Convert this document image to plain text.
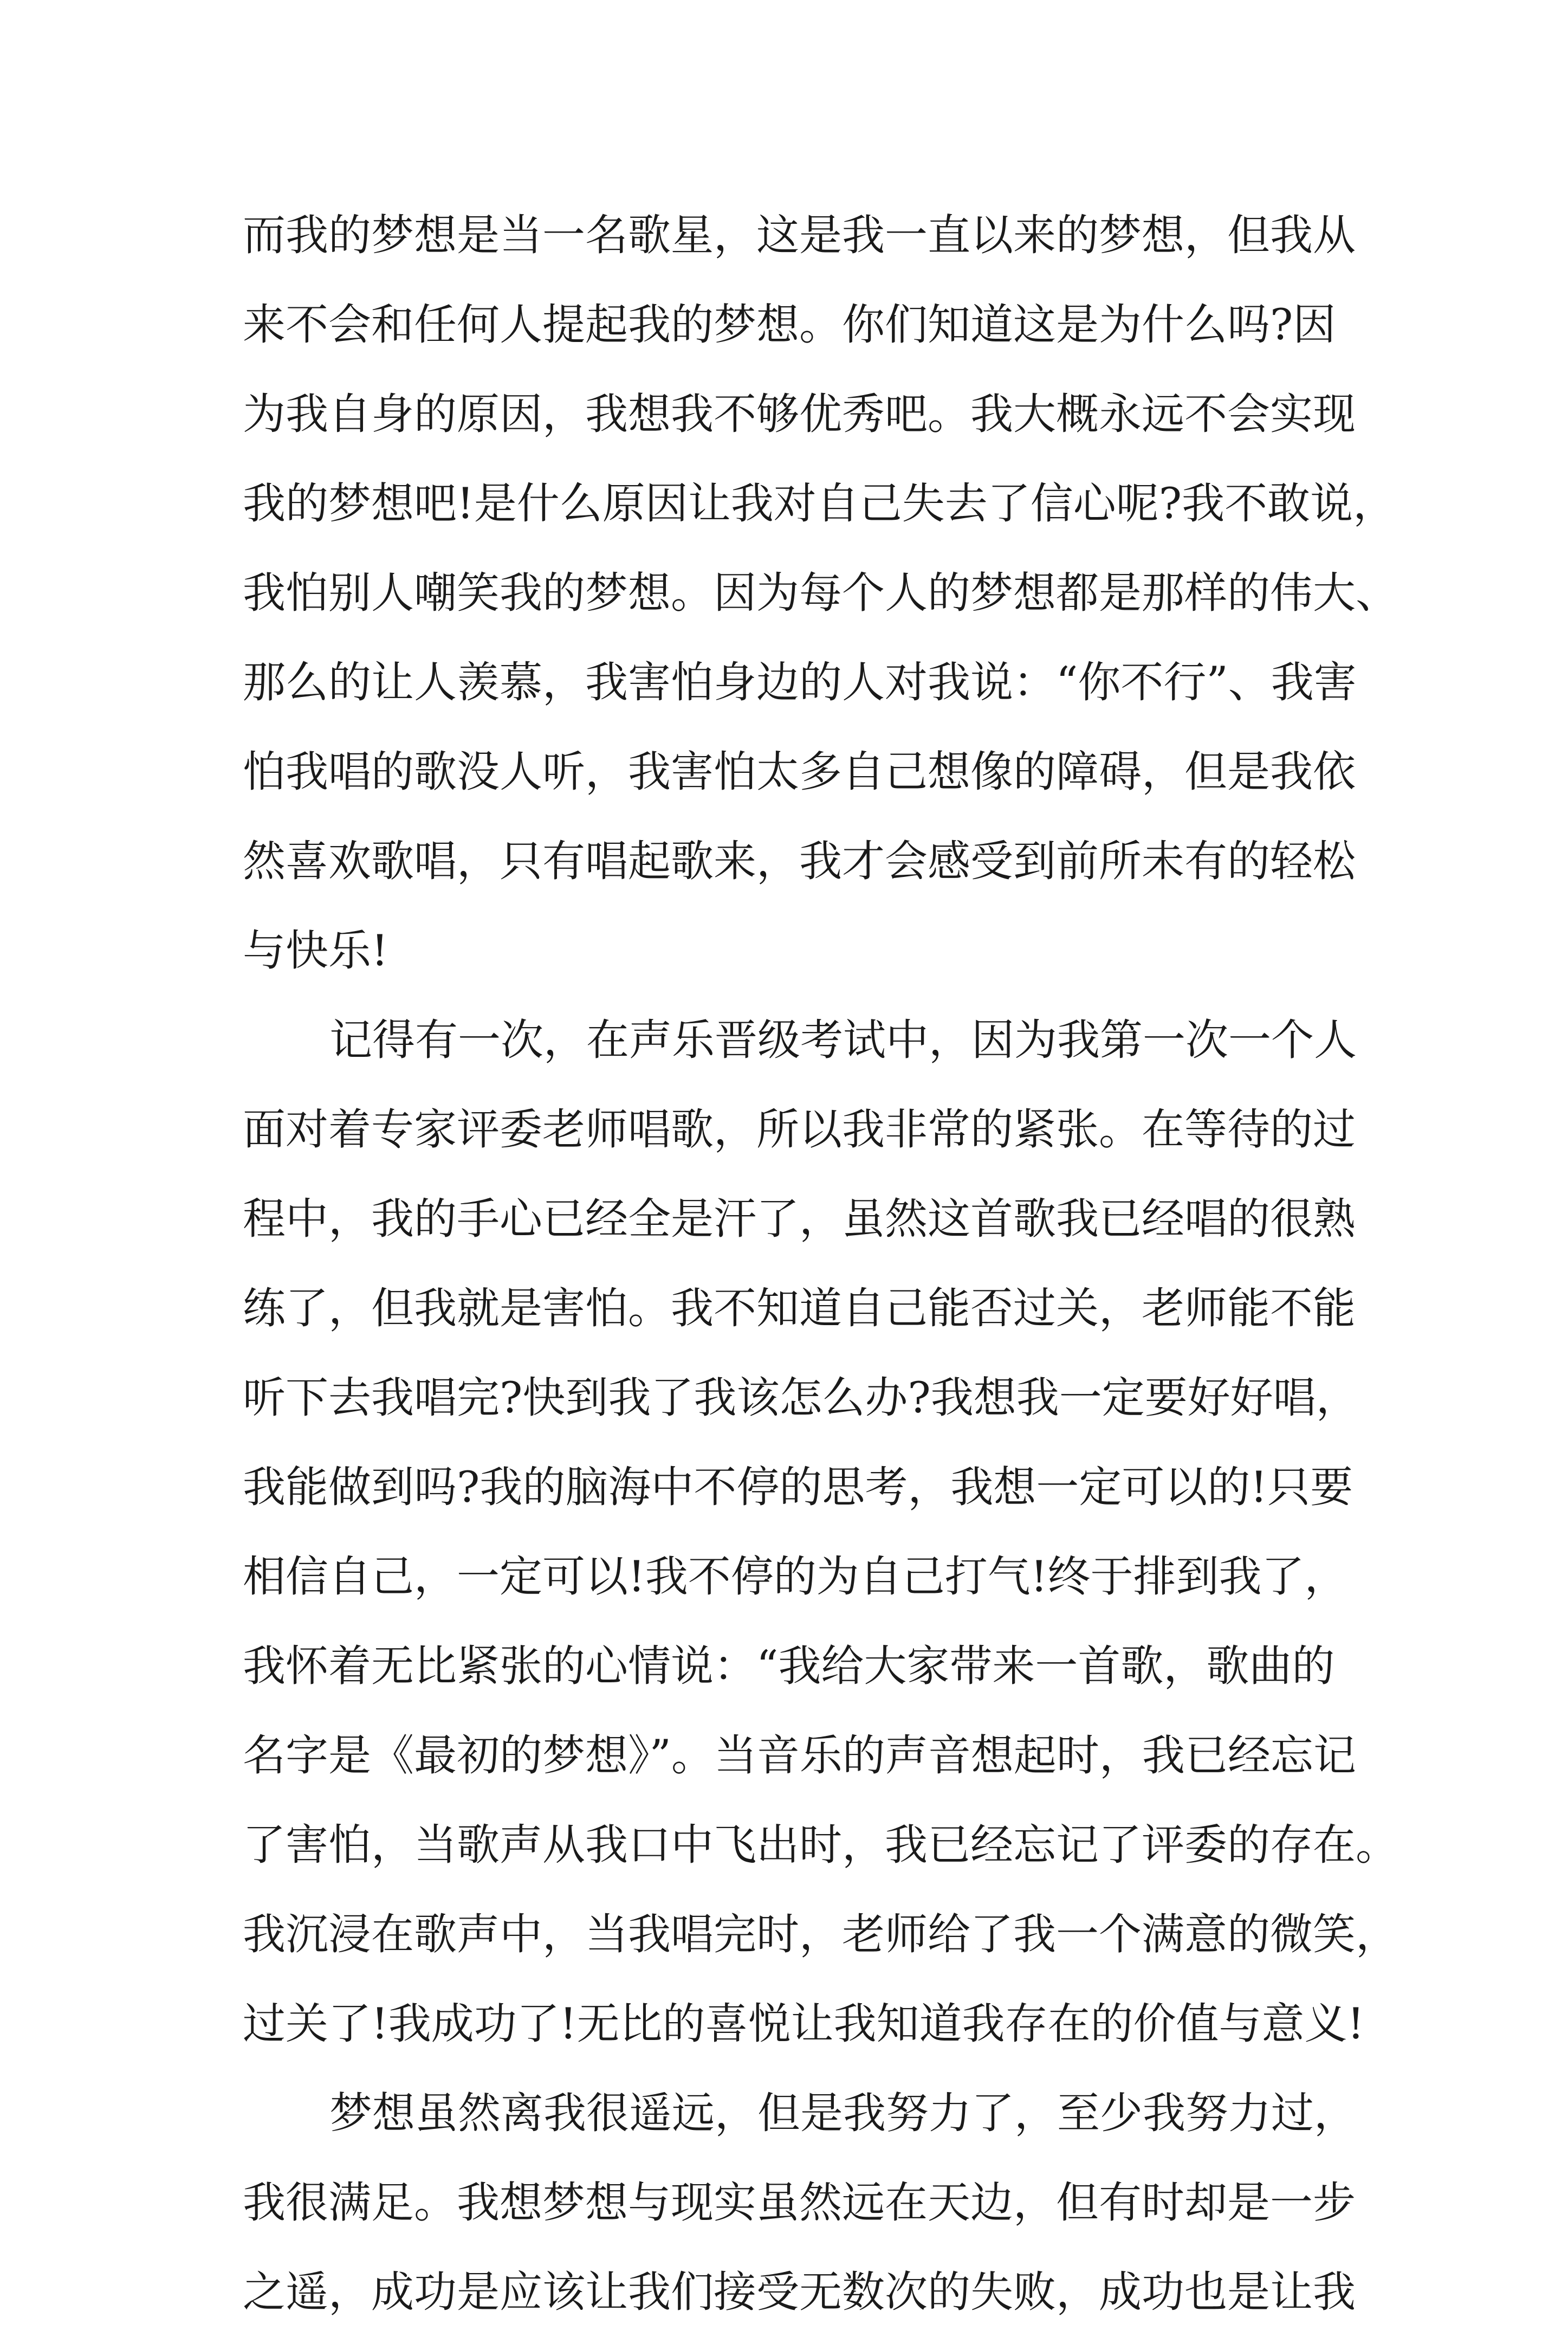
而我的梦想是当一名歌星，这是我一直以来的梦想，但我从
来不会和任何人提起我的梦想。你们知道这是为什么吗?因
为我自身的原因，我想我不够优秀吧。我大概永远不会实现
我的梦想吧!是什么原因让我对自己失去了信心呢?我不敢说，
我怕别人嘲笑我的梦想。因为每个人的梦想都是那样的伟大、
那么的让人羡慕，我害怕身边的人对我说：“你不行”、我害
怕我唱的歌没人听，我害怕太多自己想像的障碍，但是我依
然喜欢歌唱，只有唱起歌来，我才会感受到前所未有的轻松
与快乐!
记得有一次，在声乐晋级考试中，因为我第一次一个人
面对着专家评委老师唱歌，所以我非常的紧张。在等待的过
程中，我的手心已经全是汗了，虽然这首歌我已经唱的很熟
练了，但我就是害怕。我不知道自己能否过关，老师能不能
听下去我唱完?快到我了我该怎么办?我想我一定要好好唱，
我能做到吗?我的脑海中不停的思考，我想一定可以的!只要
相信自己，一定可以!我不停的为自己打气!终于排到我了，
我怀着无比紧张的心情说：“我给大家带来一首歌，歌曲的
名字是《最初的梦想》”。当音乐的声音想起时，我已经忘记
了害怕，当歌声从我口中飞出时，我已经忘记了评委的存在。
我沉浸在歌声中，当我唱完时，老师给了我一个满意的微笑，
过关了!我成功了!无比的喜悦让我知道我存在的价值与意义!
梦想虽然离我很遥远，但是我努力了，至少我努力过，
我很满足。我想梦想与现实虽然远在天边，但有时却是一步
之遥，成功是应该让我们接受无数次的失败，成功也是让我
